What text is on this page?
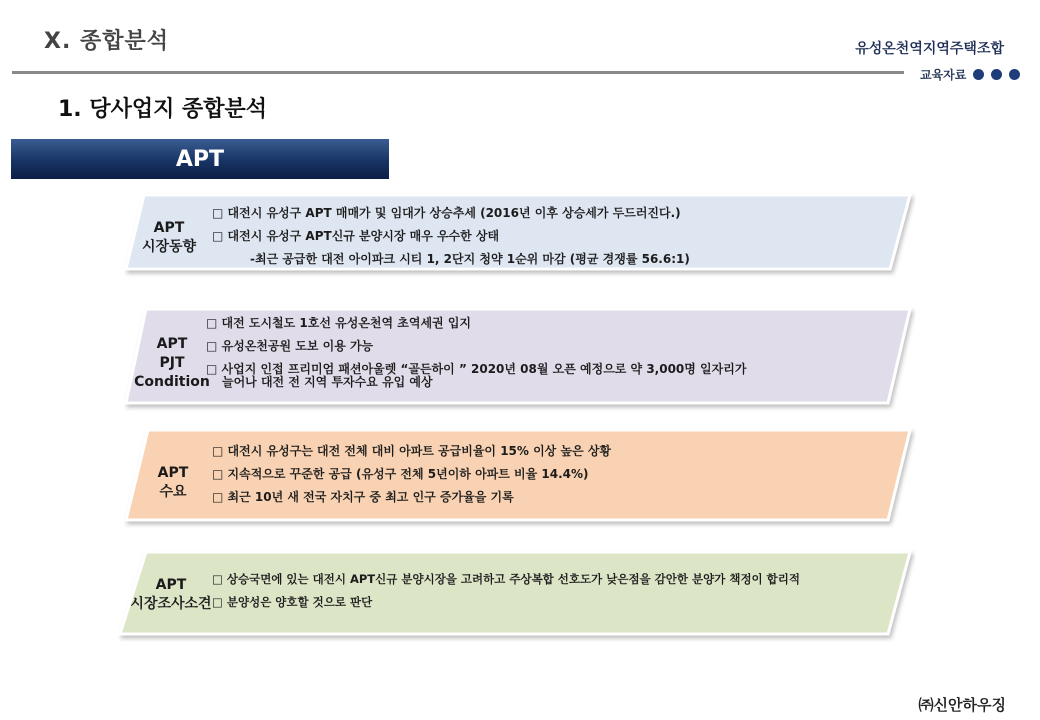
Ⅹ. 종합분석	유성온천역지역주택조합
교육자료
1. 당사업지 종합분석
APT
APT
시장동향
□ 대전시 유성구 APT 매매가 및 임대가 상승추세 (2016년 이후 상승세가 두드러진다.)
□ 대전시 유성구 APT신규 분양시장 매우 우수한 상태
-최근 공급한 대전 아이파크 시티 1, 2단지 청약 1순위 마감 (평균 경쟁률 56.6:1)
APT
PJT
Condition
□ 대전 도시철도 1호선 유성온천역 초역세권 입지
□ 유성온천공원 도보 이용 가능
□ 사업지 인접 프리미엄 패션아울렛 “골든하이 ” 2020년 08월 오픈 예정으로 약 3,000명 일자리가
늘어나 대전 전 지역 투자수요 유입 예상
APT
수요
□ 대전시 유성구는 대전 전체 대비 아파트 공급비율이 15% 이상 높은 상황
□ 지속적으로 꾸준한 공급 (유성구 전체 5년이하 아파트 비율 14.4%)
□ 최근 10년 새 전국 자치구 중 최고 인구 증가율을 기록
APT
시장조사소견
□ 상승국면에 있는 대전시 APT신규 분양시장을 고려하고 주상복합 선호도가 낮은점을 감안한 분양가 책정이 합리적
□ 분양성은 양호할 것으로 판단
㈜신안하우징
